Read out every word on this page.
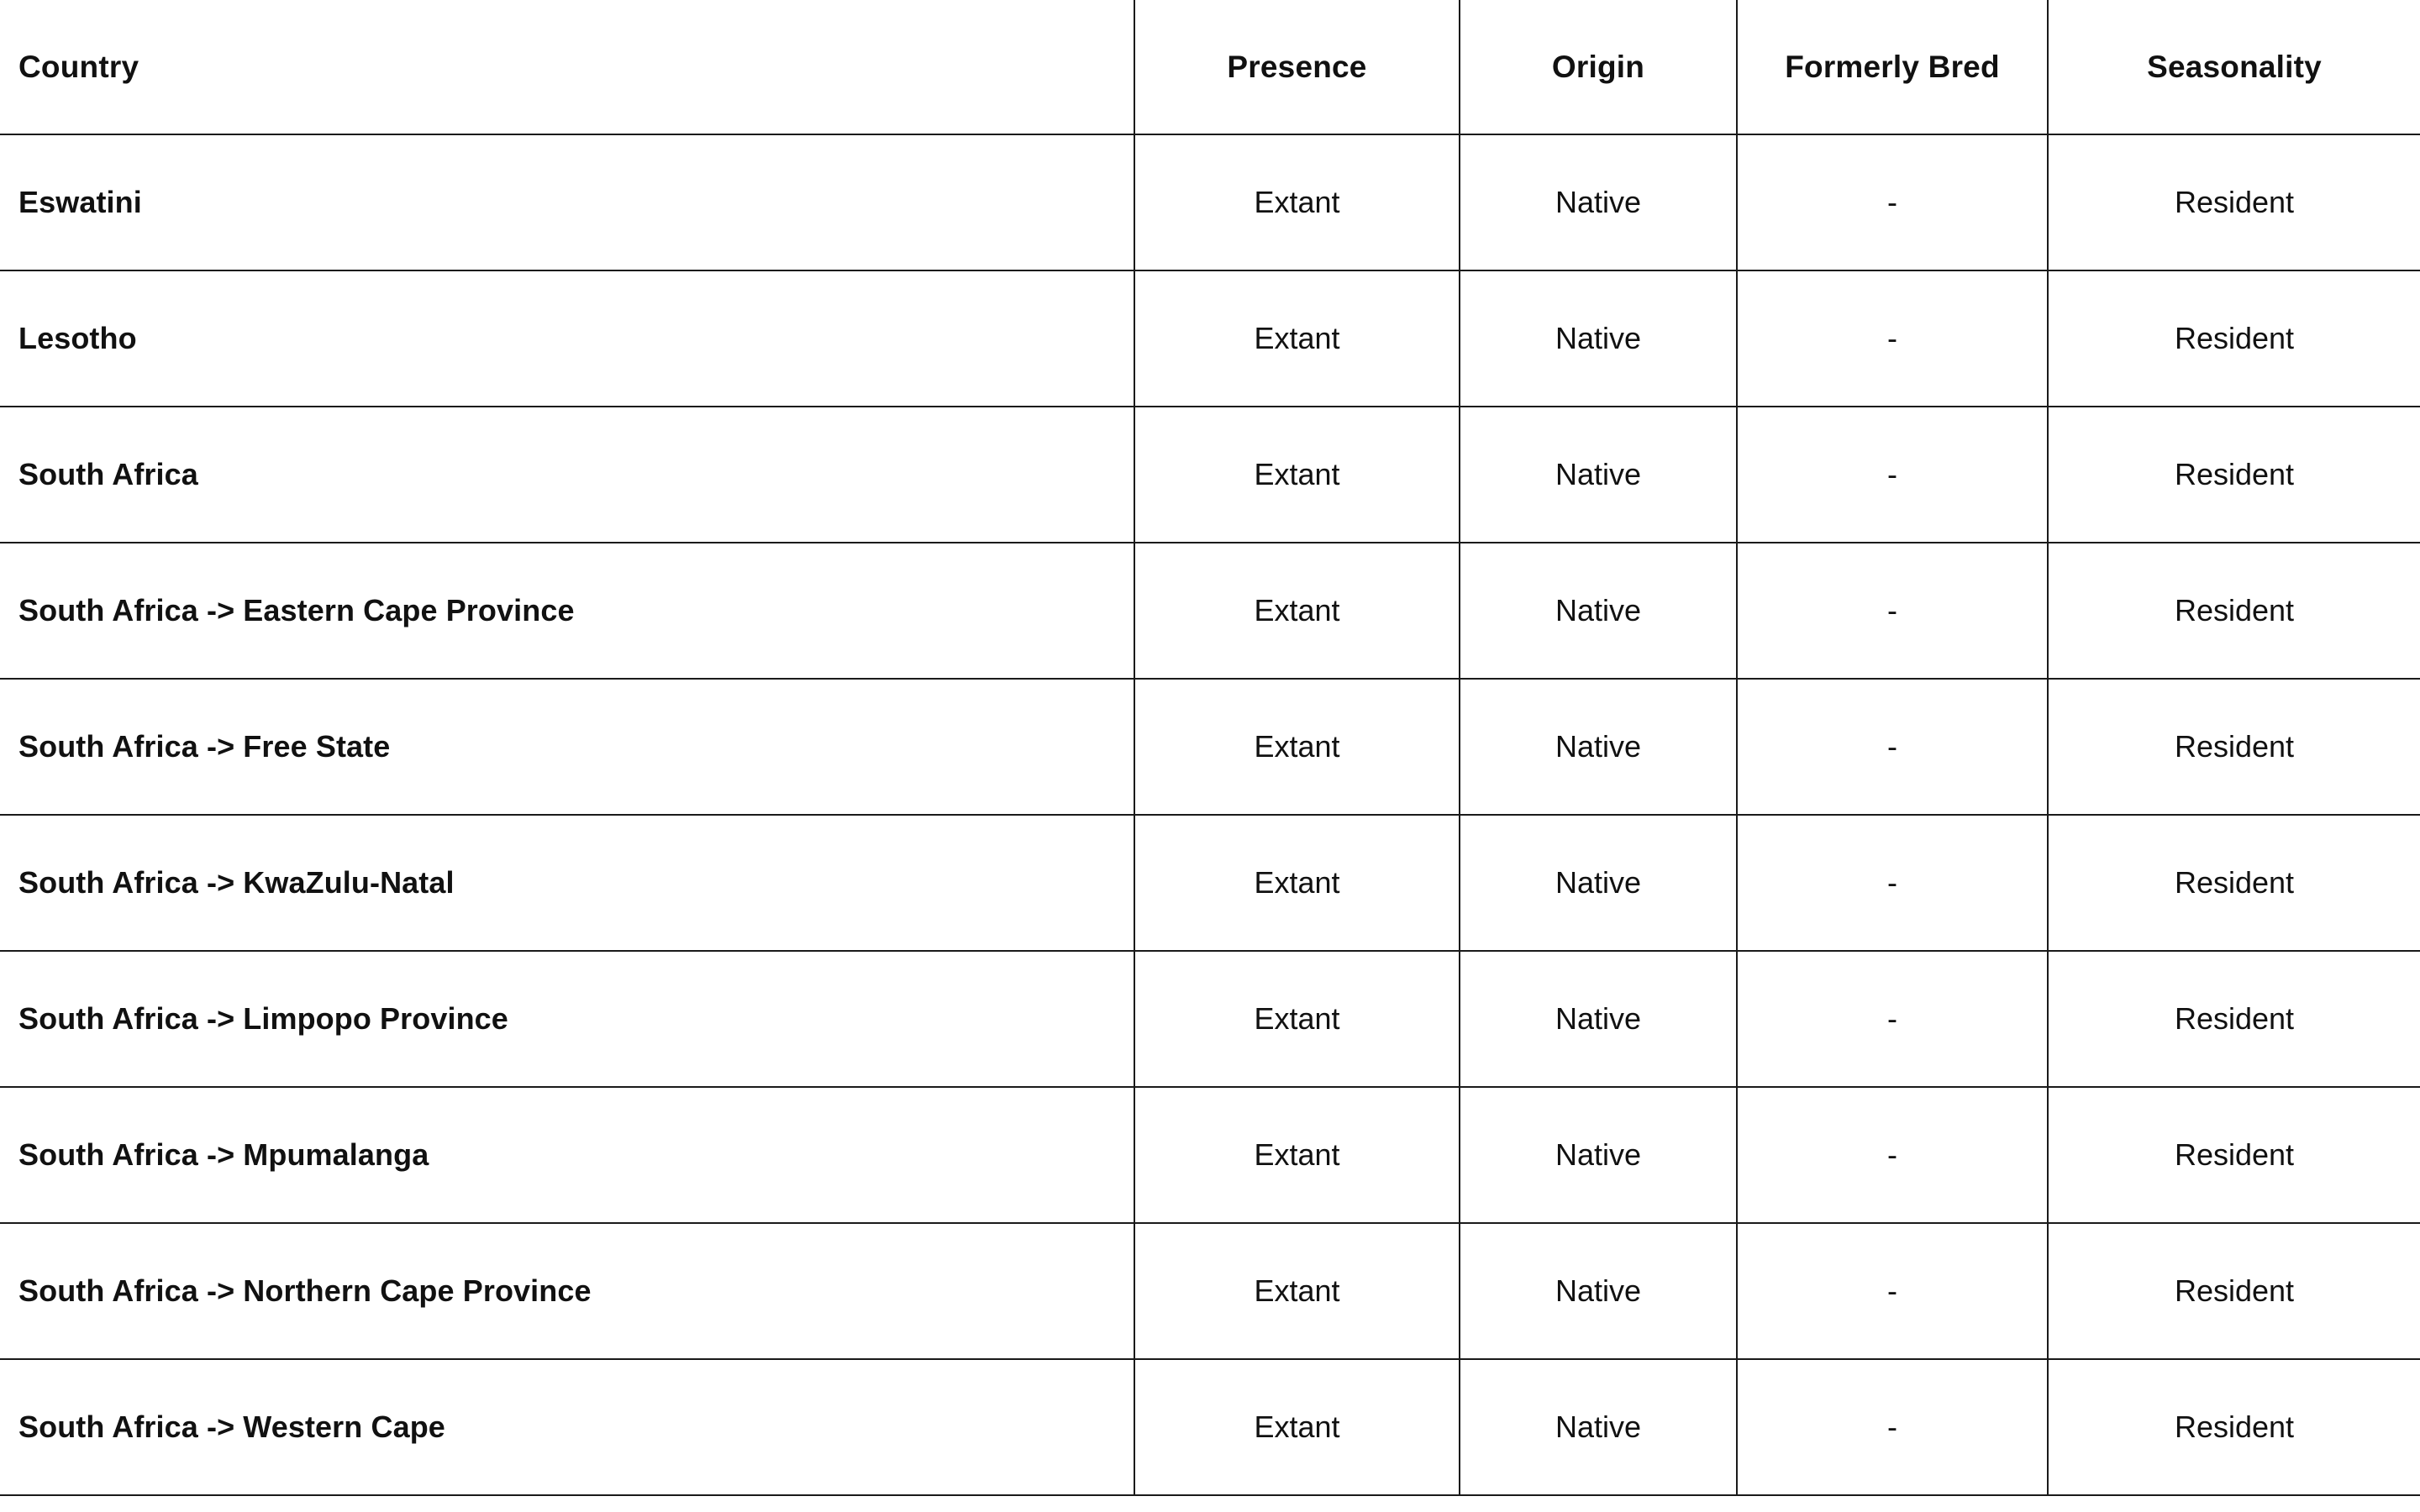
Country	Presence	Origin	Formerly Bred	Seasonality
Eswatini	Extant	Native	-	Resident
Lesotho	Extant	Native	-	Resident
South Africa	Extant	Native	-	Resident
South Africa -> Eastern Cape Province	Extant	Native	-	Resident
South Africa -> Free State	Extant	Native	-	Resident
South Africa -> KwaZulu-Natal	Extant	Native	-	Resident
South Africa -> Limpopo Province	Extant	Native	-	Resident
South Africa -> Mpumalanga	Extant	Native	-	Resident
South Africa -> Northern Cape Province	Extant	Native	-	Resident
South Africa -> Western Cape	Extant	Native	-	Resident
